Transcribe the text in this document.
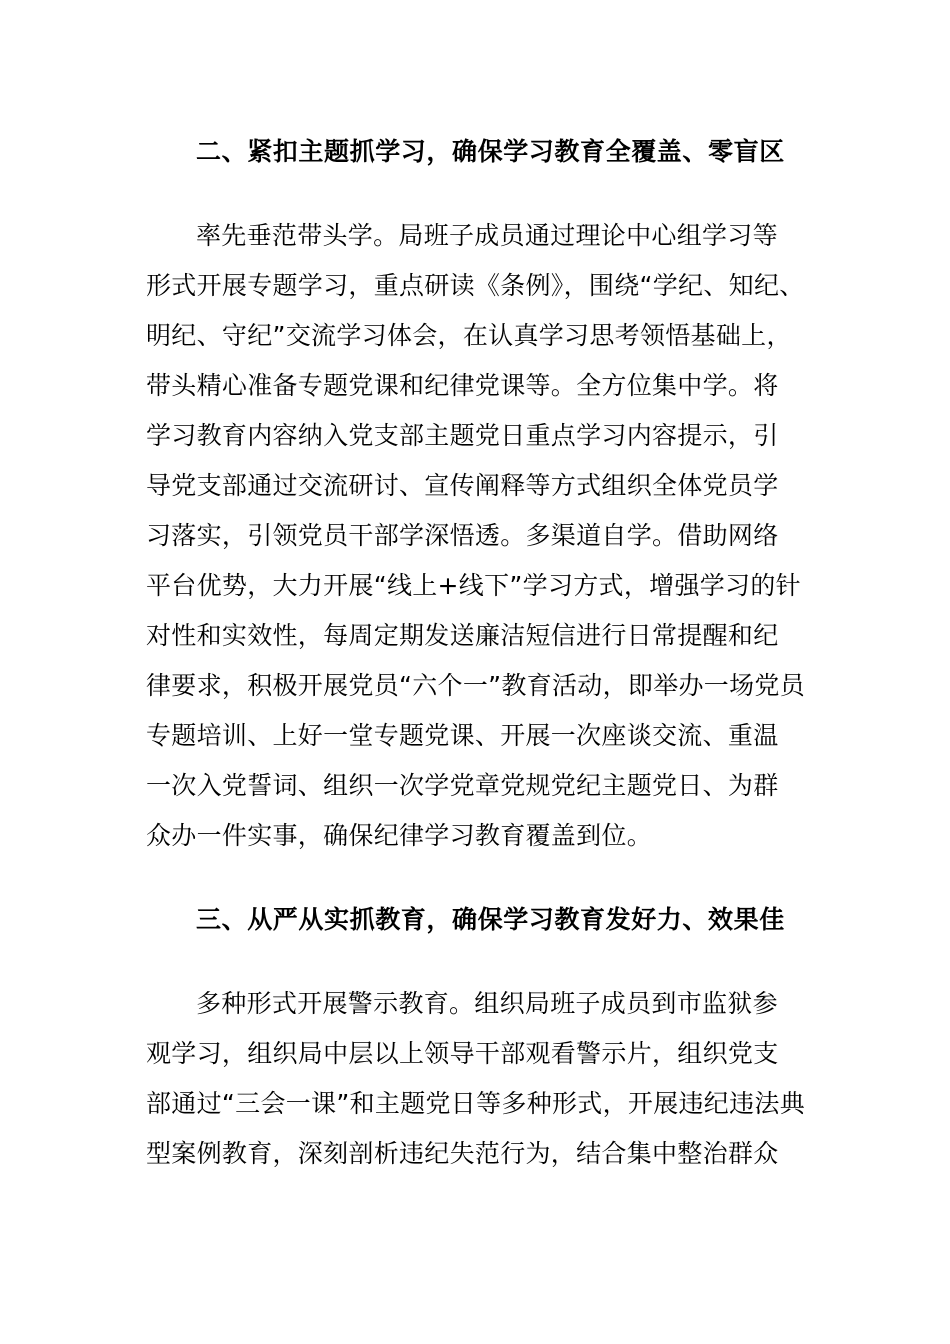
二、紧扣主题抓学习，确保学习教育全覆盖、零盲区
率先垂范带头学。局班子成员通过理论中心组学习等
形式开展专题学习，重点研读《条例》，围绕“学纪、知纪、
明纪、守纪”交流学习体会，在认真学习思考领悟基础上，
带头精心准备专题党课和纪律党课等。全方位集中学。将
学习教育内容纳入党支部主题党日重点学习内容提示，引
导党支部通过交流研讨、宣传阐释等方式组织全体党员学
习落实，引领党员干部学深悟透。多渠道自学。借助网络
平台优势，大力开展“线上+线下”学习方式，增强学习的针
对性和实效性，每周定期发送廉洁短信进行日常提醒和纪
律要求，积极开展党员“六个一”教育活动，即举办一场党员
专题培训、上好一堂专题党课、开展一次座谈交流、重温
一次入党誓词、组织一次学党章党规党纪主题党日、为群
众办一件实事，确保纪律学习教育覆盖到位。
三、从严从实抓教育，确保学习教育发好力、效果佳
多种形式开展警示教育。组织局班子成员到市监狱参
观学习，组织局中层以上领导干部观看警示片，组织党支
部通过“三会一课”和主题党日等多种形式，开展违纪违法典
型案例教育，深刻剖析违纪失范行为，结合集中整治群众
